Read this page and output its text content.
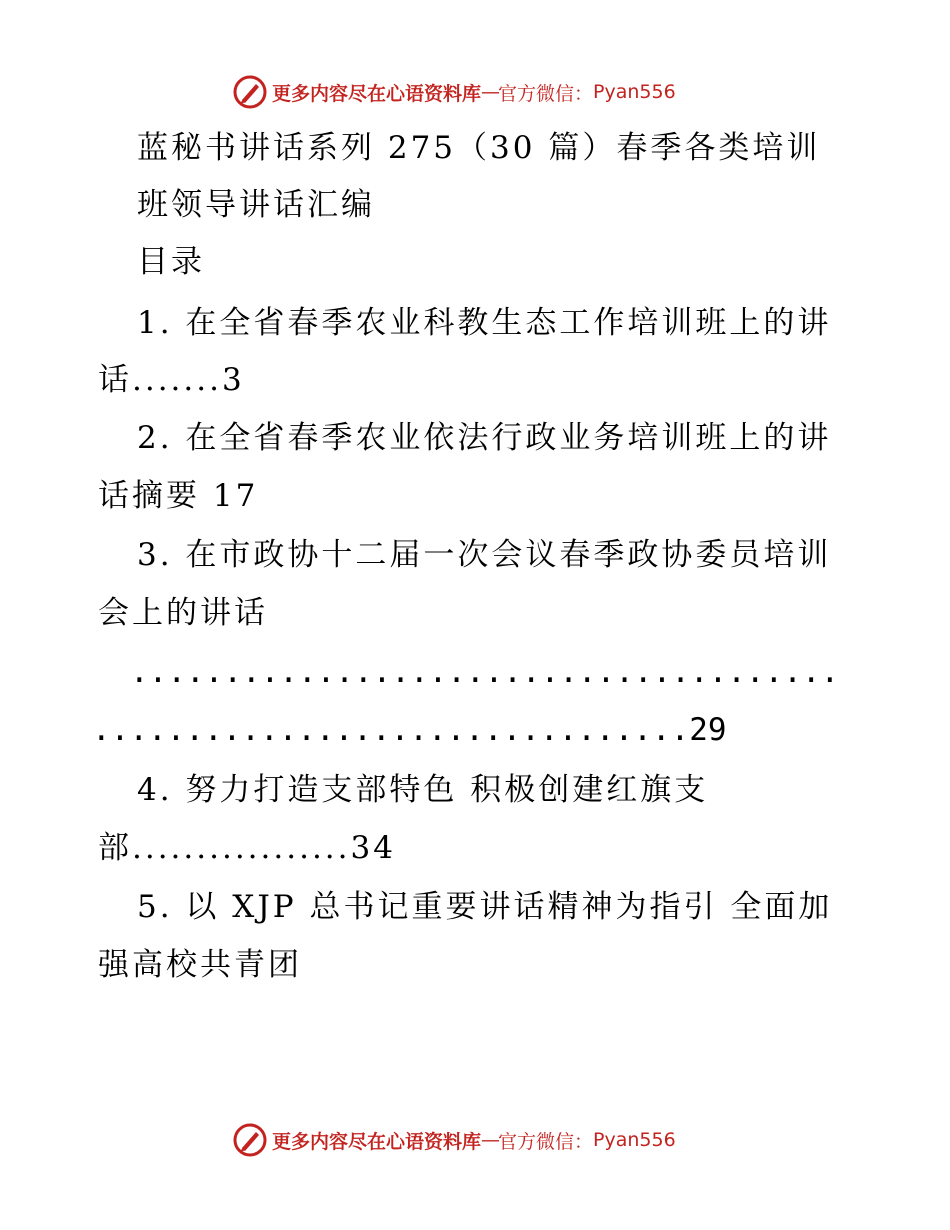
更多内容尽在心语资料库 — 官方微信： Pyan556
蓝秘书讲话系列 275（30 篇）春季各类培训
班领导讲话汇编
目录
1. 在全省春季农业科教生态工作培训班上的讲
话.......3
2. 在全省春季农业依法行政业务培训班上的讲
话摘要 17
3. 在市政协十二届一次会议春季政协委员培训
会上的讲话
......................................
................................29
4. 努力打造支部特色 积极创建红旗支
部.................34
5. 以 XJP 总书记重要讲话精神为指引 全面加
强高校共青团
更多内容尽在心语资料库 — 官方微信： Pyan556
